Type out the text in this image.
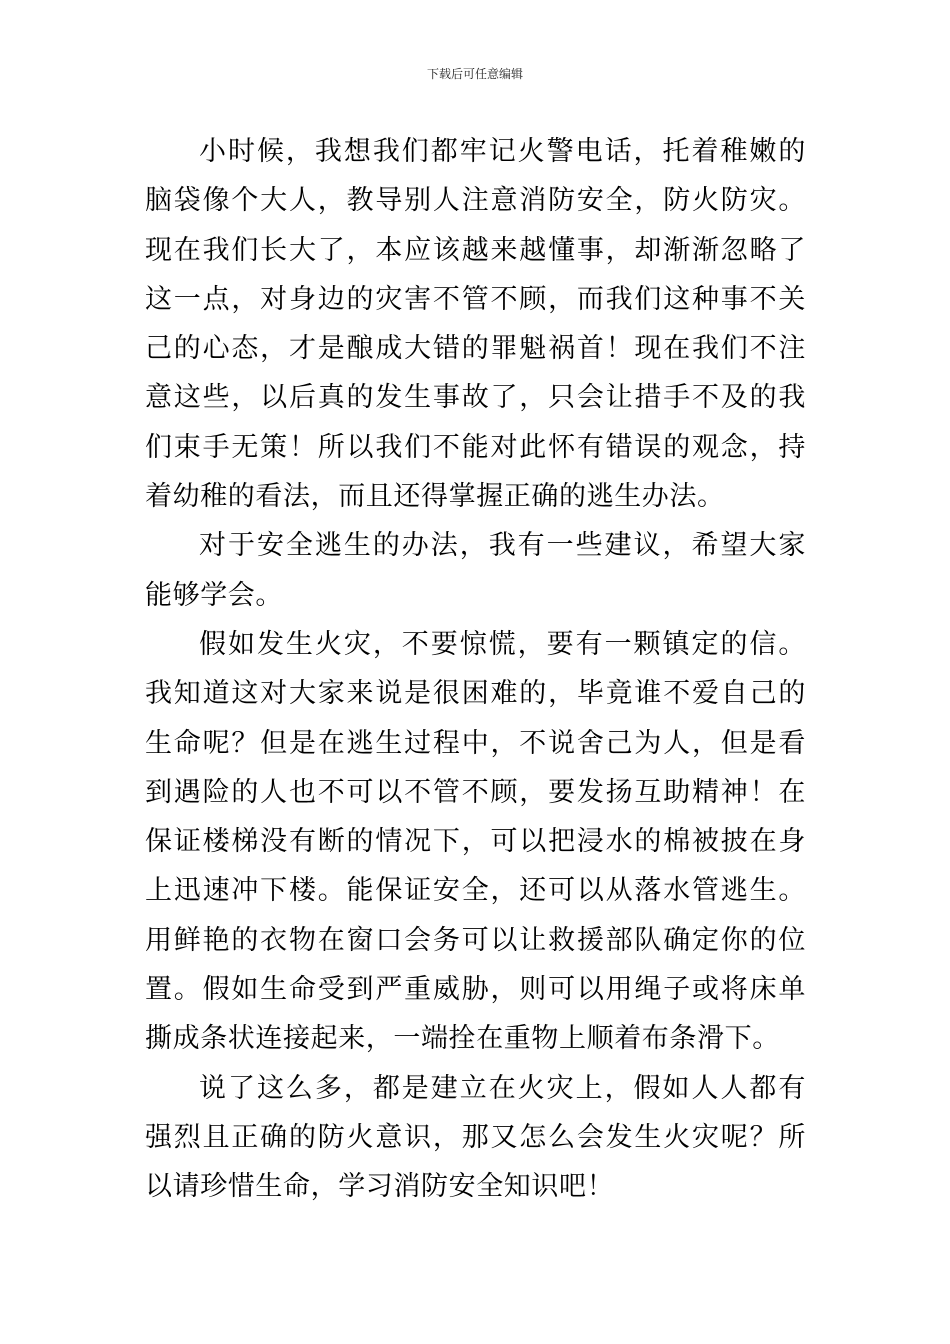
下载后可任意编辑

小时候，我想我们都牢记火警电话，托着稚嫩的脑袋像个大人，教导别人注意消防安全，防火防灾。现在我们长大了，本应该越来越懂事，却渐渐忽略了这一点，对身边的灾害不管不顾，而我们这种事不关己的心态，才是酿成大错的罪魁祸首！现在我们不注意这些，以后真的发生事故了，只会让措手不及的我们束手无策！所以我们不能对此怀有错误的观念，持着幼稚的看法，而且还得掌握正确的逃生办法。

对于安全逃生的办法，我有一些建议，希望大家能够学会。

假如发生火灾，不要惊慌，要有一颗镇定的信。我知道这对大家来说是很困难的，毕竟谁不爱自己的生命呢？但是在逃生过程中，不说舍己为人，但是看到遇险的人也不可以不管不顾，要发扬互助精神！在保证楼梯没有断的情况下，可以把浸水的棉被披在身上迅速冲下楼。能保证安全，还可以从落水管逃生。用鲜艳的衣物在窗口会务可以让救援部队确定你的位置。假如生命受到严重威胁，则可以用绳子或将床单撕成条状连接起来，一端拴在重物上顺着布条滑下。

说了这么多，都是建立在火灾上，假如人人都有强烈且正确的防火意识，那又怎么会发生火灾呢？所以请珍惜生命，学习消防安全知识吧！
